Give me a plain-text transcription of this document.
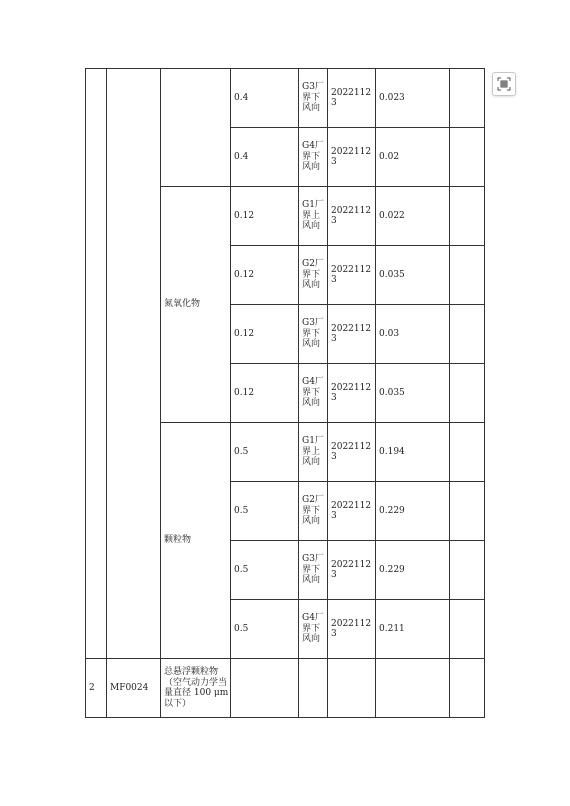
			0.4	G3厂界下风向	20221123	0.023	
			0.4	G4厂界下风向	20221123	0.02	
		氮氧化物	0.12	G1厂界上风向	20221123	0.022	
			0.12	G2厂界下风向	20221123	0.035	
			0.12	G3厂界下风向	20221123	0.03	
			0.12	G4厂界下风向	20221123	0.035	
		颗粒物	0.5	G1厂界上风向	20221123	0.194	
			0.5	G2厂界下风向	20221123	0.229	
			0.5	G3厂界下风向	20221123	0.229	
			0.5	G4厂界下风向	20221123	0.211	
2	MF0024	总悬浮颗粒物（空气动力学当量直径 100 μm 以下）					
